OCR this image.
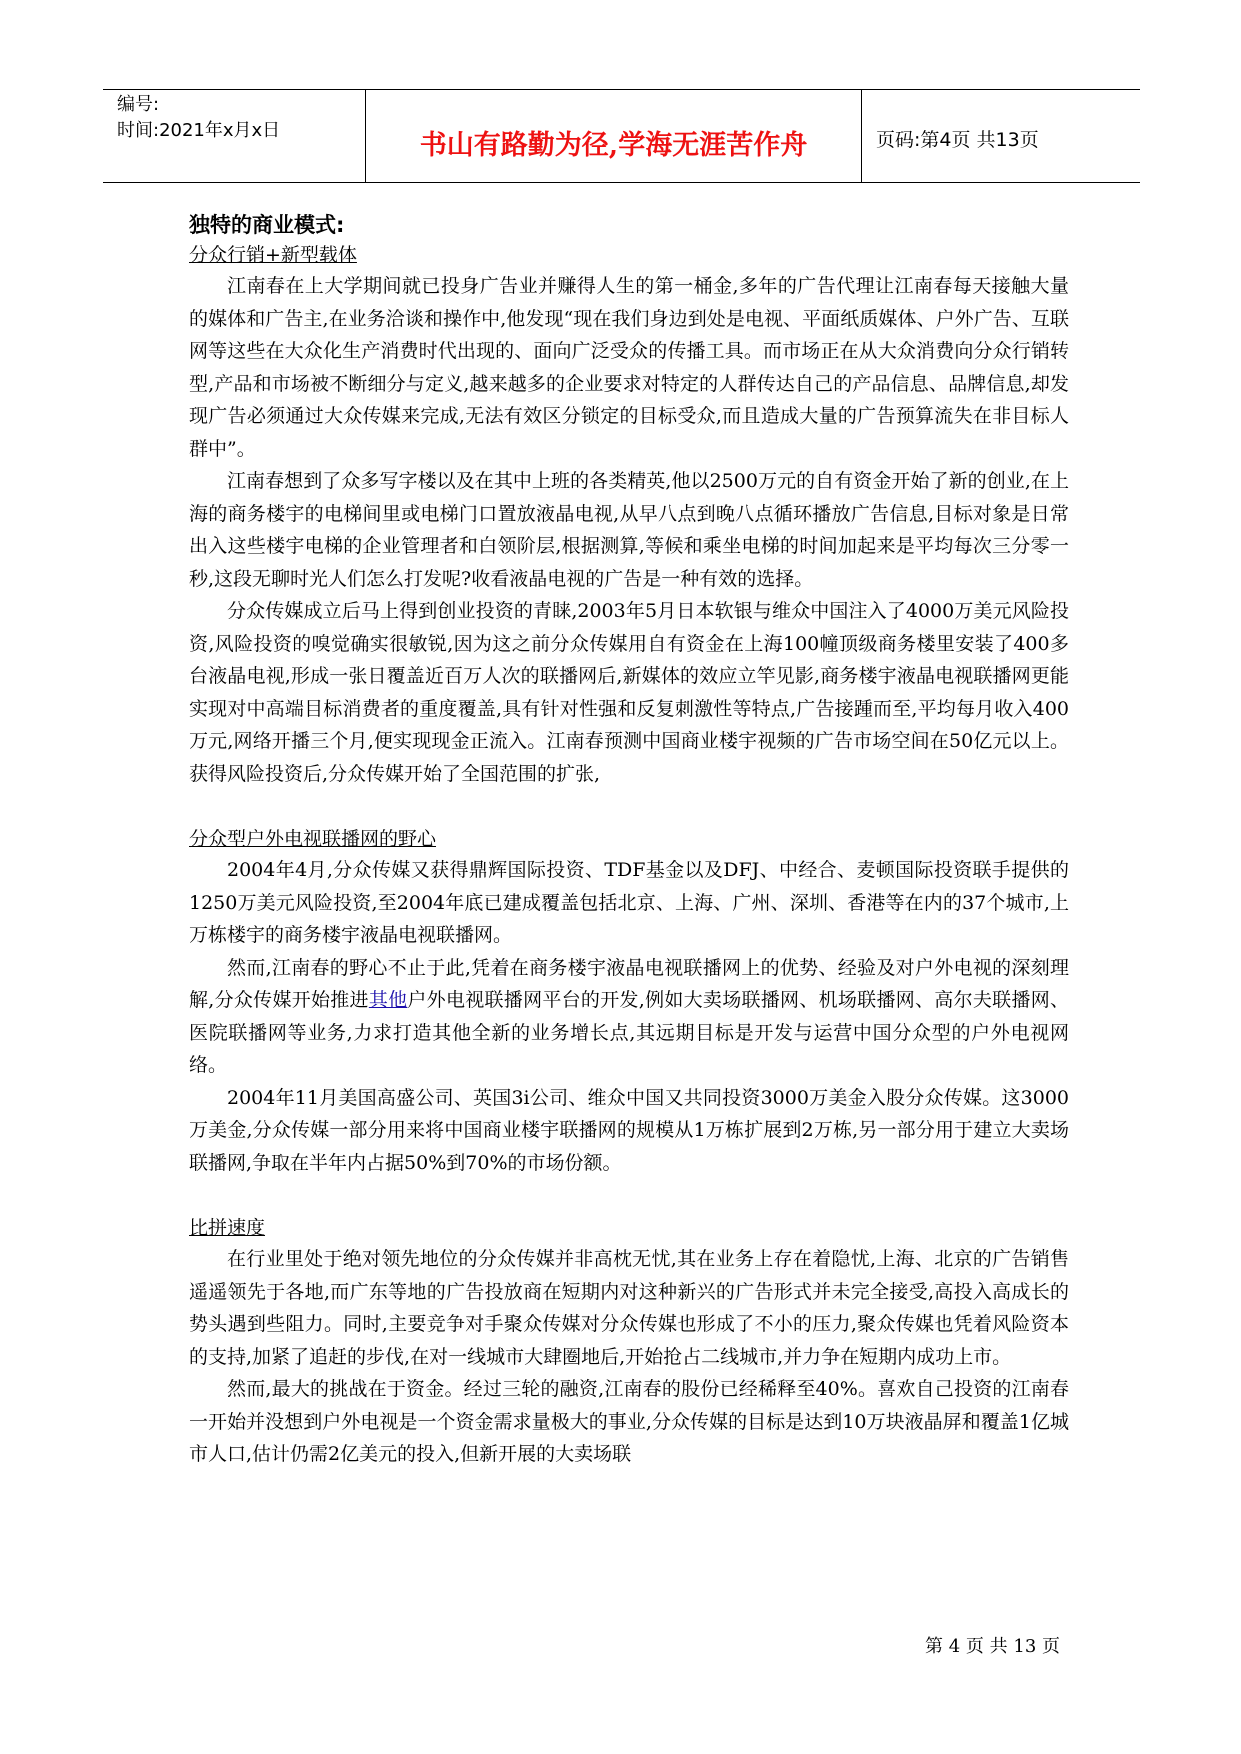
编号:
时间:2021年x月x日	书山有路勤为径,学海无涯苦作舟	页码:第4页 共13页
独特的商业模式:
分众行销+新型载体
江南春在上大学期间就已投身广告业并赚得人生的第一桶金,多年的广告代理让江南春每天接触大量的媒体和广告主,在业务洽谈和操作中,他发现“现在我们身边到处是电视、平面纸质媒体、户外广告、互联网等这些在大众化生产消费时代出现的、面向广泛受众的传播工具。而市场正在从大众消费向分众行销转型,产品和市场被不断细分与定义,越来越多的企业要求对特定的人群传达自己的产品信息、品牌信息,却发现广告必须通过大众传媒来完成,无法有效区分锁定的目标受众,而且造成大量的广告预算流失在非目标人群中”。
江南春想到了众多写字楼以及在其中上班的各类精英,他以2500万元的自有资金开始了新的创业,在上海的商务楼宇的电梯间里或电梯门口置放液晶电视,从早八点到晚八点循环播放广告信息,目标对象是日常出入这些楼宇电梯的企业管理者和白领阶层,根据测算,等候和乘坐电梯的时间加起来是平均每次三分零一秒,这段无聊时光人们怎么打发呢?收看液晶电视的广告是一种有效的选择。
分众传媒成立后马上得到创业投资的青睐,2003年5月日本软银与维众中国注入了4000万美元风险投资,风险投资的嗅觉确实很敏锐,因为这之前分众传媒用自有资金在上海100幢顶级商务楼里安装了400多台液晶电视,形成一张日覆盖近百万人次的联播网后,新媒体的效应立竿见影,商务楼宇液晶电视联播网更能实现对中高端目标消费者的重度覆盖,具有针对性强和反复刺激性等特点,广告接踵而至,平均每月收入400万元,网络开播三个月,便实现现金正流入。江南春预测中国商业楼宇视频的广告市场空间在50亿元以上。获得风险投资后,分众传媒开始了全国范围的扩张,
分众型户外电视联播网的野心
2004年4月,分众传媒又获得鼎辉国际投资、TDF基金以及DFJ、中经合、麦顿国际投资联手提供的1250万美元风险投资,至2004年底已建成覆盖包括北京、上海、广州、深圳、香港等在内的37个城市,上万栋楼宇的商务楼宇液晶电视联播网。
然而,江南春的野心不止于此,凭着在商务楼宇液晶电视联播网上的优势、经验及对户外电视的深刻理解,分众传媒开始推进其他户外电视联播网平台的开发,例如大卖场联播网、机场联播网、高尔夫联播网、医院联播网等业务,力求打造其他全新的业务增长点,其远期目标是开发与运营中国分众型的户外电视网络。
2004年11月美国高盛公司、英国3i公司、维众中国又共同投资3000万美金入股分众传媒。这3000万美金,分众传媒一部分用来将中国商业楼宇联播网的规模从1万栋扩展到2万栋,另一部分用于建立大卖场联播网,争取在半年内占据50%到70%的市场份额。
比拼速度
在行业里处于绝对领先地位的分众传媒并非高枕无忧,其在业务上存在着隐忧,上海、北京的广告销售遥遥领先于各地,而广东等地的广告投放商在短期内对这种新兴的广告形式并未完全接受,高投入高成长的势头遇到些阻力。同时,主要竞争对手聚众传媒对分众传媒也形成了不小的压力,聚众传媒也凭着风险资本的支持,加紧了追赶的步伐,在对一线城市大肆圈地后,开始抢占二线城市,并力争在短期内成功上市。
然而,最大的挑战在于资金。经过三轮的融资,江南春的股份已经稀释至40%。喜欢自己投资的江南春一开始并没想到户外电视是一个资金需求量极大的事业,分众传媒的目标是达到10万块液晶屏和覆盖1亿城市人口,估计仍需2亿美元的投入,但新开展的大卖场联
第 4 页 共 13 页
